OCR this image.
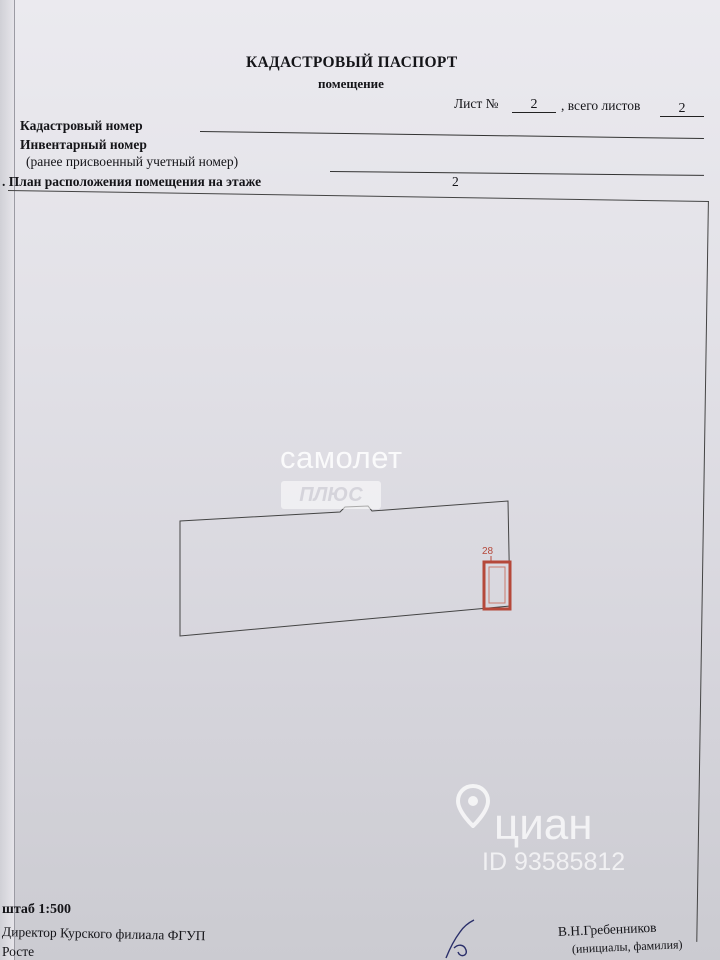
КАДАСТРОВЫЙ ПАСПОРТ
помещение
Лист №	2	, всего листов	2
Кадастровый номер
Инвентарный номер
(ранее присвоенный учетный номер)
. План расположения помещения на этаже	2
28
самолет
ПЛЮС
циан
ID 93585812
штаб 1:500
Директор Курского филиала ФГУП
Росте
В.Н.Гребенников
(инициалы, фамилия)
